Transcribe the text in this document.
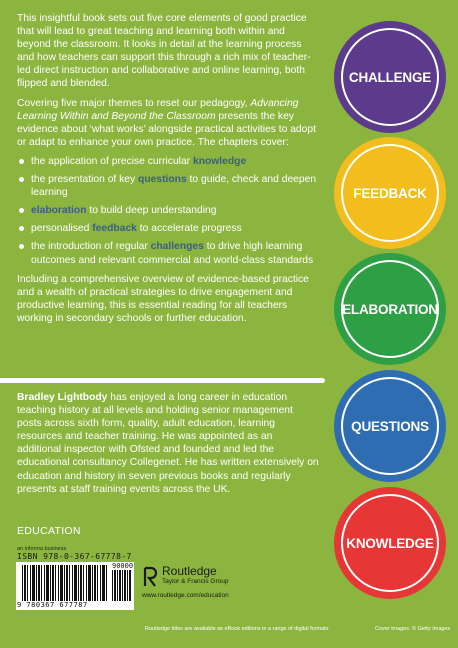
This insightful book sets out five core elements of good practice that will lead to great teaching and learning both within and beyond the classroom. It looks in detail at the learning process and how teachers can support this through a rich mix of teacher-led direct instruction and collaborative and online learning, both flipped and blended.

Covering five major themes to reset our pedagogy, Advancing Learning Within and Beyond the Classroom presents the key evidence about ‘what works’ alongside practical activities to adopt or adapt to enhance your own practice. The chapters cover:

the application of precise curricular knowledge
the presentation of key questions to guide, check and deepen learning
elaboration to build deep understanding
personalised feedback to accelerate progress
the introduction of regular challenges to drive high learning outcomes and relevant commercial and world-class standards

Including a comprehensive overview of evidence-based practice and a wealth of practical strategies to drive engagement and productive learning, this is essential reading for all teachers working in secondary schools or further education.

Bradley Lightbody has enjoyed a long career in education teaching history at all levels and holding senior management posts across sixth form, quality, adult education, learning resources and teacher training. He was appointed as an additional inspector with Ofsted and founded and led the educational consultancy Collegenet. He has written extensively on education and history in seven previous books and regularly presents at staff training events across the UK.

EDUCATION
an informa business
ISBN 978-0-367-67778-7
90000
9 780367 677787
Routledge
Taylor & Francis Group
www.routledge.com/education
Routledge titles are available as eBook editions in a range of digital formats	Cover images: © Getty Images
CHALLENGE
FEEDBACK
ELABORATION
QUESTIONS
KNOWLEDGE
